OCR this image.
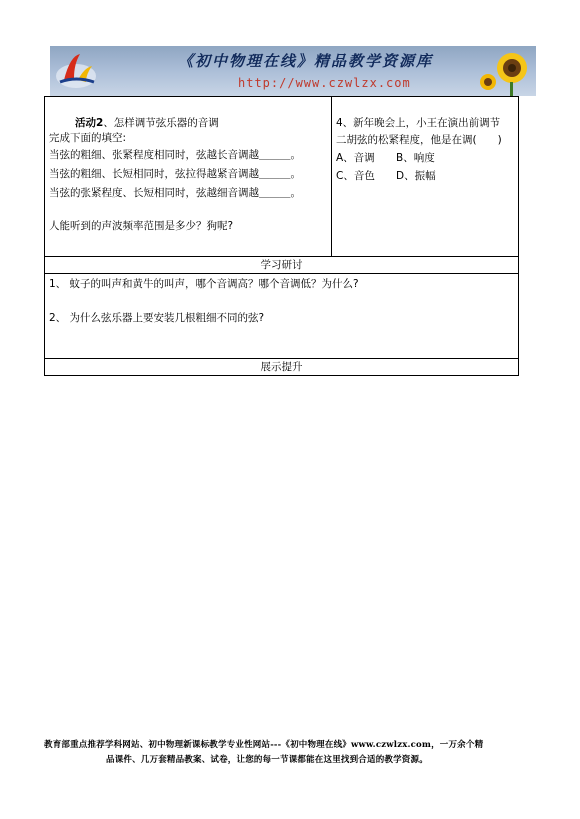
《初中物理在线》精品教学资源库
http://www.czwlzx.com
活动2、怎样调节弦乐器的音调
完成下面的填空:
当弦的粗细、张紧程度相同时，弦越长音调越＿＿＿。
当弦的粗细、长短相同时，弦拉得越紧音调越＿＿＿。
当弦的张紧程度、长短相同时，弦越细音调越＿＿＿。
人能听到的声波频率范围是多少？狗呢?

4、新年晚会上，小王在演出前调节
二胡弦的松紧程度，他是在调(　　)
A、音调 B、响度
C、音色 D、振幅

学习研讨

1、 蚊子的叫声和黄牛的叫声，哪个音调高？哪个音调低？为什么?
2、 为什么弦乐器上要安装几根粗细不同的弦?

展示提升
教育部重点推荐学科网站、初中物理新课标教学专业性网站---《初中物理在线》www.czwlzx.com，一万余个精
品课件、几万套精品教案、试卷，让您的每一节课都能在这里找到合适的教学资源。
